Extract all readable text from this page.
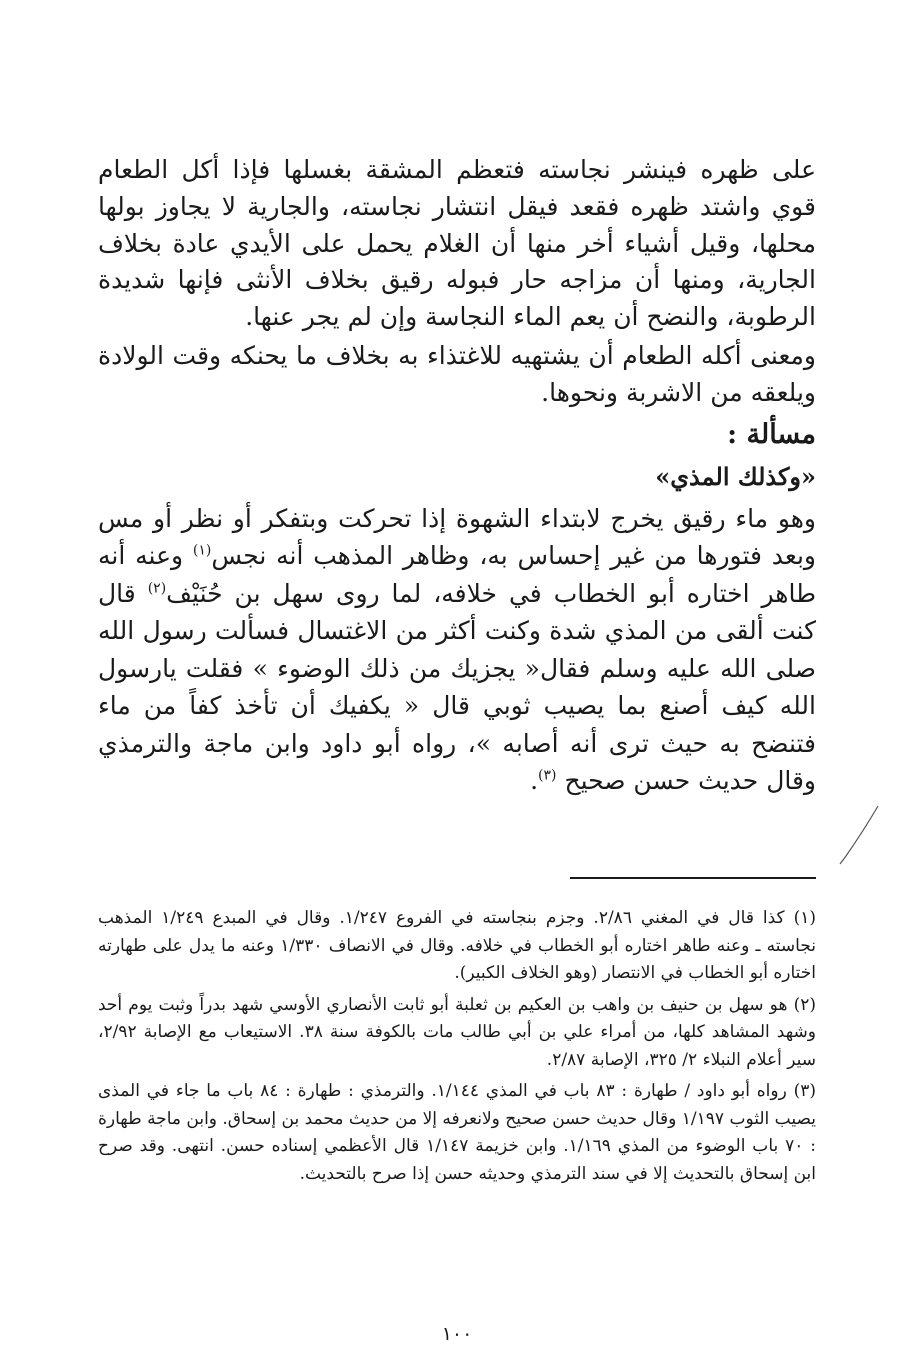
على ظهره فينشر نجاسته فتعظم المشقة بغسلها فإذا أكل الطعام قوي واشتد ظهره فقعد فيقل انتشار نجاسته، والجارية لا يجاوز بولها محلها، وقيل أشياء أخر منها أن الغلام يحمل على الأيدي عادة بخلاف الجارية، ومنها أن مزاجه حار فبوله رقيق بخلاف الأنثى فإنها شديدة الرطوبة، والنضح أن يعم الماء النجاسة وإن لم يجر عنها.

ومعنى أكله الطعام أن يشتهيه للاغتذاء به بخلاف ما يحنكه وقت الولادة ويلعقه من الاشربة ونحوها.

مسألة :
«وكذلك المذي»

وهو ماء رقيق يخرج لابتداء الشهوة إذا تحركت وبتفكر أو نظر أو مس وبعد فتورها من غير إحساس به، وظاهر المذهب أنه نجس$^{(١)}$ وعنه أنه طاهر اختاره أبو الخطاب في خلافه، لما روى سهل بن حُنَيْف$^{(٢)}$ قال كنت ألقى من المذي شدة وكنت أكثر من الاغتسال فسألت رسول الله صلى الله عليه وسلم فقال« يجزيك من ذلك الوضوء » فقلت يارسول الله كيف أصنع بما يصيب ثوبي قال « يكفيك أن تأخذ كفاً من ماء فتنضح به حيث ترى أنه أصابه »، رواه أبو داود وابن ماجة والترمذي وقال حديث حسن صحيح $^{(٣)}$.

(١) كذا قال في المغني ٢/٨٦. وجزم بنجاسته في الفروع ١/٢٤٧. وقال في المبدع ١/٢٤٩ المذهب نجاسته ـ وعنه طاهر اختاره أبو الخطاب في خلافه. وقال في الانصاف ١/٣٣٠ وعنه ما يدل على طهارته اختاره أبو الخطاب في الانتصار (وهو الخلاف الكبير).

(٢) هو سهل بن حنيف بن واهب بن العكيم بن ثعلبة أبو ثابت الأنصاري الأوسي شهد بدراً وثبت يوم أحد وشهد المشاهد كلها، من أمراء علي بن أبي طالب مات بالكوفة سنة ٣٨. الاستيعاب مع الإصابة ٢/٩٢، سير أعلام النبلاء ٢/ ٣٢٥، الإصابة ٢/٨٧.

(٣) رواه أبو داود / طهارة : ٨٣ باب في المذي ١/١٤٤. والترمذي : طهارة : ٨٤ باب ما جاء في المذى يصيب الثوب ١/١٩٧ وقال حديث حسن صحيح ولانعرفه إلا من حديث محمد بن إسحاق. وابن ماجة طهارة : ٧٠ باب الوضوء من المذي ١/١٦٩. وابن خزيمة ١/١٤٧ قال الأعظمي إسناده حسن. انتهى. وقد صرح ابن إسحاق بالتحديث إلا في سند الترمذي وحديثه حسن إذا صرح بالتحديث.

١٠٠
